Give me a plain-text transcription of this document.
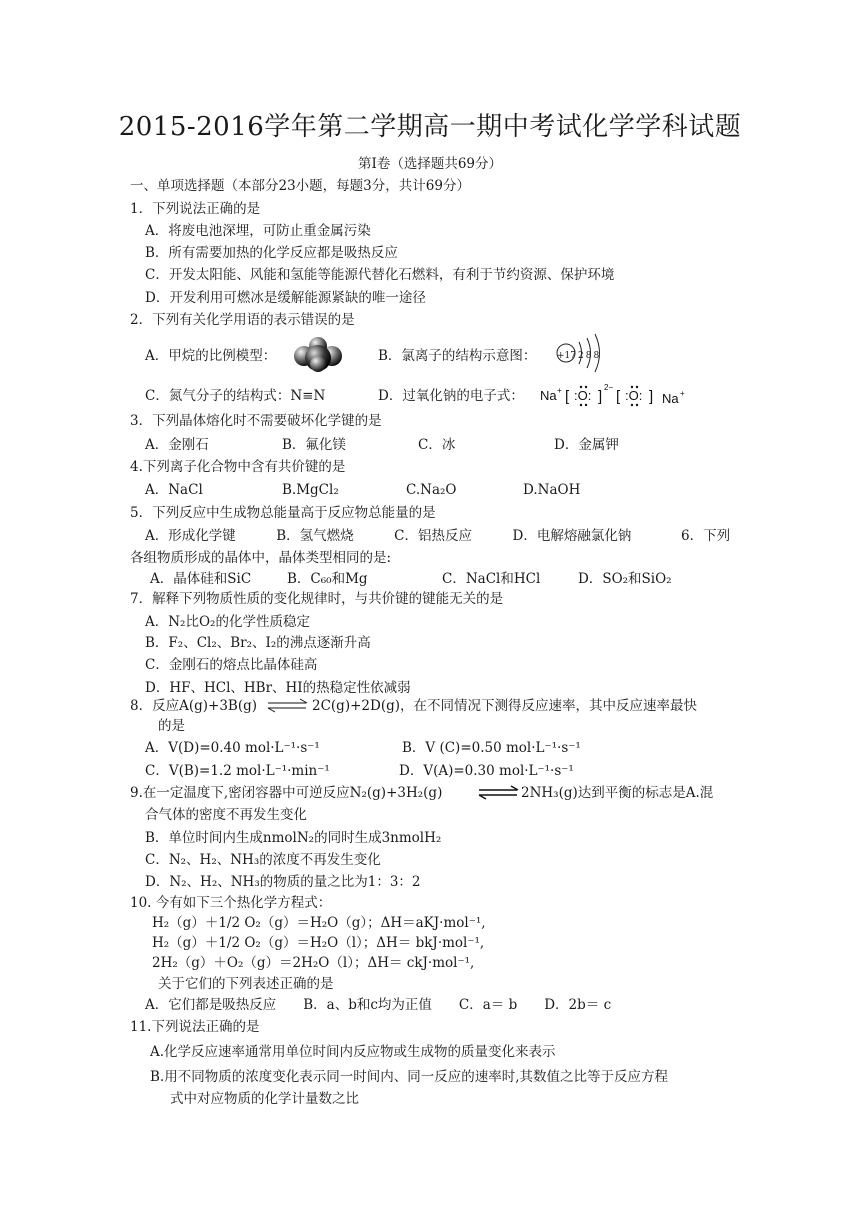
2015-2016学年第二学期高一期中考试化学学科试题
第Ⅰ卷（选择题共69分）
一、单项选择题（本部分23小题，每题3分，共计69分）
1．下列说法正确的是
A．将废电池深埋，可防止重金属污染
B．所有需要加热的化学反应都是吸热反应
C．开发太阳能、风能和氢能等能源代替化石燃料，有利于节约资源、保护环境
D．开发利用可燃冰是缓解能源紧缺的唯一途径
2．下列有关化学用语的表示错误的是
A．甲烷的比例模型：	B．氯离子的结构示意图： +17 288
C．氮气分子的结构式：N≡N	D．过氧化钠的电子式： Na + [ :O: ]
2−
[ :O: ] Na +
3．下列晶体熔化时不需要破坏化学键的是
A．金刚石	B．氟化镁	C．冰	D．金属钾
4.下列离子化合物中含有共价键的是
A．NaCl	B.MgCl₂	C.Na₂O	D.NaOH
5．下列反应中生成物总能量高于反应物总能量的是
A．形成化学键　　　B．氢气燃烧　　　C．铝热反应　　　D．电解熔融氯化钠	6．下列
各组物质形成的晶体中，晶体类型相同的是:
A．晶体硅和SiC	B．C₆₀和Mg	C．NaCl和HCl	D．SO₂和SiO₂
7．解释下列物质性质的变化规律时，与共价键的键能无关的是
A．N₂比O₂的化学性质稳定
B．F₂、Cl₂、Br₂、I₂的沸点逐渐升高
C．金刚石的熔点比晶体硅高
D．HF、HCl、HBr、HI的热稳定性依减弱
8．反应A(g)+3B(g) ⇌ 2C(g)+2D(g)，在不同情况下测得反应速率，其中反应速率最快
的是
A．V(D)=0.40 mol·L⁻¹·s⁻¹	B．V (C)=0.50 mol·L⁻¹·s⁻¹
C．V(B)=1.2 mol·L⁻¹·min⁻¹	D．V(A)=0.30 mol·L⁻¹·s⁻¹
9.在一定温度下,密闭容器中可逆反应N₂(g)+3H₂(g) ⇌ 2NH₃(g)达到平衡的标志是A.混
合气体的密度不再发生变化
B．单位时间内生成nmolN₂的同时生成3nmolH₂
C．N₂、H₂、NH₃的浓度不再发生变化
D．N₂、H₂、NH₃的物质的量之比为1：3：2
10. 今有如下三个热化学方程式：
H₂（g）＋1/2 O₂（g）＝H₂O（g）；ΔH＝aKJ·mol⁻¹,
H₂（g）＋1/2 O₂（g）＝H₂O（l）；ΔH＝ bkJ·mol⁻¹,
2H₂（g）＋O₂（g）＝2H₂O（l）；ΔH＝ ckJ·mol⁻¹,
关于它们的下列表述正确的是
A．它们都是吸热反应　　B．a、b和c均为正值　　C．a＝ b　　D．2b＝ c
11.下列说法正确的是
A.化学反应速率通常用单位时间内反应物或生成物的质量变化来表示
B.用不同物质的浓度变化表示同一时间内、同一反应的速率时,其数值之比等于反应方程
式中对应物质的化学计量数之比
